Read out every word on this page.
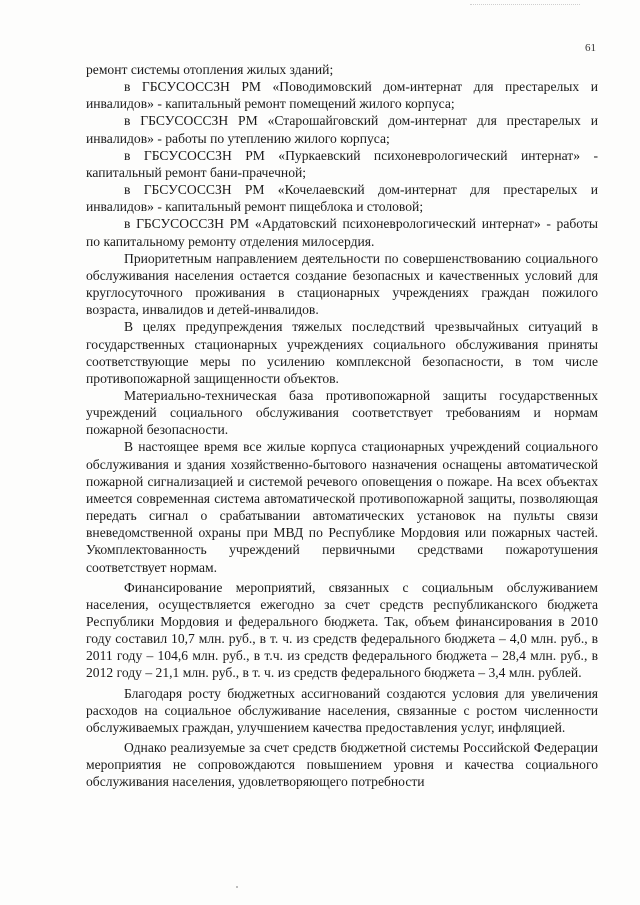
61

ремонт системы отопления жилых зданий;

в ГБСУСОССЗН РМ «Поводимовский дом-интернат для престарелых и инвалидов» - капитальный ремонт помещений жилого корпуса;

в ГБСУСОССЗН РМ «Старошайговский дом-интернат для престарелых и инвалидов» - работы по утеплению жилого корпуса;

в ГБСУСОССЗН РМ «Пуркаевский психоневрологический интернат» - капитальный ремонт бани-прачечной;

в ГБСУСОССЗН РМ «Кочелаевский дом-интернат для престарелых и инвалидов» - капитальный ремонт пищеблока и столовой;

в ГБСУСОССЗН РМ «Ардатовский психоневрологический интернат» - работы по капитальному ремонту отделения милосердия.

Приоритетным направлением деятельности по совершенствованию социального обслуживания населения остается создание безопасных и качественных условий для круглосуточного проживания в стационарных учреждениях граждан пожилого возраста, инвалидов и детей-инвалидов.

В целях предупреждения тяжелых последствий чрезвычайных ситуаций в государственных стационарных учреждениях социального обслуживания приняты соответствующие меры по усилению комплексной безопасности, в том числе противопожарной защищенности объектов.

Материально-техническая база противопожарной защиты государственных учреждений социального обслуживания соответствует требованиям и нормам пожарной безопасности.

В настоящее время все жилые корпуса стационарных учреждений социального обслуживания и здания хозяйственно-бытового назначения оснащены автоматической пожарной сигнализацией и системой речевого оповещения о пожаре. На всех объектах имеется современная система автоматической противопожарной защиты, позволяющая передать сигнал о срабатывании автоматических установок на пульты связи вневедомственной охраны при МВД по Республике Мордовия или пожарных частей. Укомплектованность учреждений первичными средствами пожаротушения соответствует нормам.

Финансирование мероприятий, связанных с социальным обслуживанием населения, осуществляется ежегодно за счет средств республиканского бюджета Республики Мордовия и федерального бюджета. Так, объем финансирования в 2010 году составил 10,7 млн. руб., в т. ч. из средств федерального бюджета – 4,0 млн. руб., в 2011 году – 104,6 млн. руб., в т.ч. из средств федерального бюджета – 28,4 млн. руб., в 2012 году – 21,1 млн. руб., в т. ч. из средств федерального бюджета – 3,4 млн. рублей.

Благодаря росту бюджетных ассигнований создаются условия для увеличения расходов на социальное обслуживание населения, связанные с ростом численности обслуживаемых граждан, улучшением качества предоставления услуг, инфляцией.

Однако реализуемые за счет средств бюджетной системы Российской Федерации мероприятия не сопровождаются повышением уровня и качества социального обслуживания населения, удовлетворяющего потребности
